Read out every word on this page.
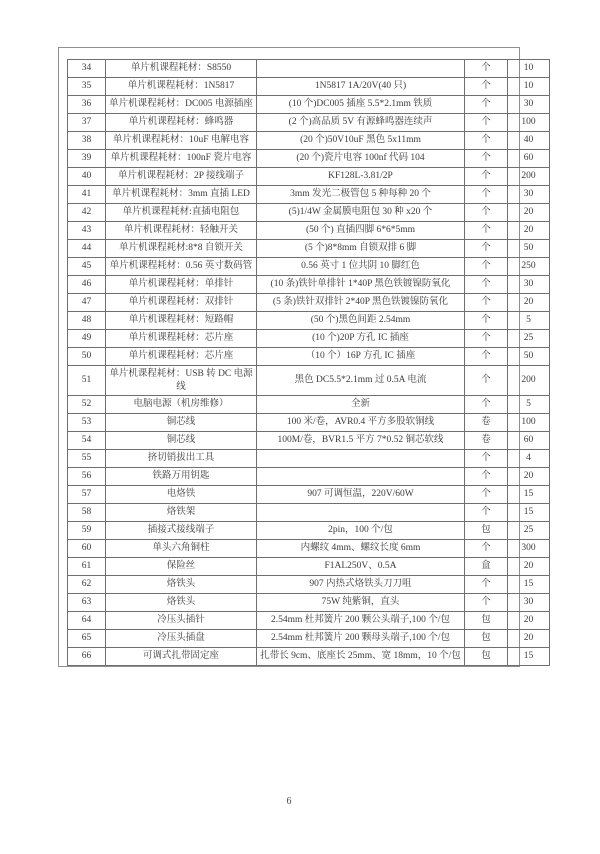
34	单片机课程耗材：S8550		个	10
35	单片机课程耗材：1N5817	1N5817 1A/20V(40 只)	个	10
36	单片机课程耗材：DC005 电源插座	(10 个)DC005 插座 5.5*2.1mm 铁质	个	30
37	单片机课程耗材：蜂鸣器	(2 个)高品质 5V 有源蜂鸣器连续声	个	100
38	单片机课程耗材：10uF 电解电容	(20 个)50V10uF 黑色 5x11mm	个	40
39	单片机课程耗材：100nF 瓷片电容	(20 个)瓷片电容 100nf 代码 104	个	60
40	单片机课程耗材：2P 接线端子	KF128L-3.81/2P	个	200
41	单片机课程耗材：3mm 直插 LED	3mm 发光二极管包 5 种每种 20 个	个	30
42	单片机课程耗材:直插电阻包	(5)1/4W 金属膜电阻包 30 种 x20 个	个	20
43	单片机课程耗材：轻触开关	(50 个) 直插四脚 6*6*5mm	个	20
44	单片机课程耗材:8*8 自锁开关	(5 个)8*8mm 自锁双排 6 脚	个	50
45	单片机课程耗材：0.56 英寸数码管	0.56 英寸 1 位共阴 10 脚红色	个	250
46	单片机课程耗材：单排针	(10 条)铁针单排针 1*40P 黑色铁镀镍防氧化	个	30
47	单片机课程耗材：双排针	(5 条)铁针双排针 2*40P 黑色铁镀镍防氧化	个	20
48	单片机课程耗材：短路帽	(50 个)黑色间距 2.54mm	个	5
49	单片机课程耗材：芯片座	(10 个)20P 方孔 IC 插座	个	25
50	单片机课程耗材：芯片座	（10 个）16P 方孔 IC 插座	个	50
51	单片机课程耗材：USB 转 DC 电源线	黑色 DC5.5*2.1mm 过 0.5A 电流	个	200
52	电脑电源（机房维修）	全新	个	5
53	铜芯线	100 米/卷，AVR0.4 平方多股软铜线	卷	100
54	铜芯线	100M/卷，BVR1.5 平方 7*0.52 铜芯软线	卷	60
55	挤切销拔出工具		个	4
56	铁路万用钥匙		个	20
57	电烙铁	907 可调恒温，220V/60W	个	15
58	烙铁架		个	15
59	插接式接线端子	2pin，100 个/包	包	25
60	单头六角铜柱	内螺纹 4mm、螺纹长度 6mm	个	300
61	保险丝	F1AL250V、0.5A	盒	20
62	烙铁头	907 内热式烙铁头刀刀咀	个	15
63	烙铁头	75W 纯紫铜，直头	个	30
64	冷压头插针	2.54mm 杜邦簧片 200 颗公头端子,100 个/包	包	20
65	冷压头插盘	2.54mm 杜邦簧片 200 颗母头端子,100 个/包	包	20
66	可调式扎带固定座	扎带长 9cm、底座长 25mm、宽 18mm，10 个/包	包	15
6
